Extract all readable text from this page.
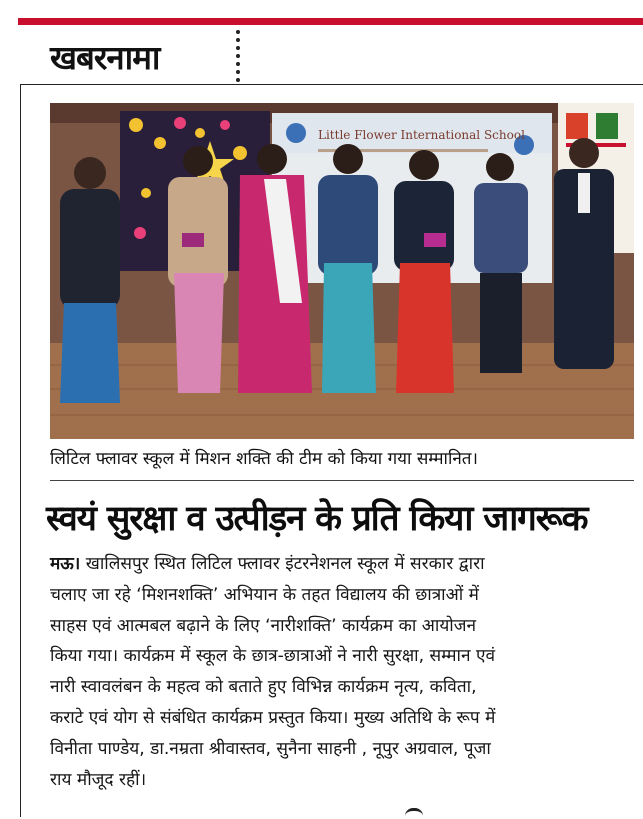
खबरनामा
Little Flower International School
लिटिल फ्लावर स्कूल में मिशन शक्ति की टीम को किया गया सम्मानित।
स्वयं सुरक्षा व उत्पीड़न के प्रति किया जागरूक

मऊ। खालिसपुर स्थित लिटिल फ्लावर इंटरनेशनल स्कूल में सरकार द्वारा

चलाए जा रहे ‘मिशनशक्ति’ अभियान के तहत विद्यालय की छात्राओं में

साहस एवं आत्मबल बढ़ाने के लिए ‘नारीशक्ति’ कार्यक्रम का आयोजन

किया गया। कार्यक्रम में स्कूल के छात्र-छात्राओं ने नारी सुरक्षा, सम्मान एवं

नारी स्वावलंबन के महत्व को बताते हुए विभिन्न कार्यक्रम नृत्य, कविता,

कराटे एवं योग से संबंधित कार्यक्रम प्रस्तुत किया। मुख्य अतिथि के रूप में

विनीता पाण्डेय, डा.नम्रता श्रीवास्तव, सुनैना साहनी , नूपुर अग्रवाल, पूजा

राय मौजूद रहीं।
